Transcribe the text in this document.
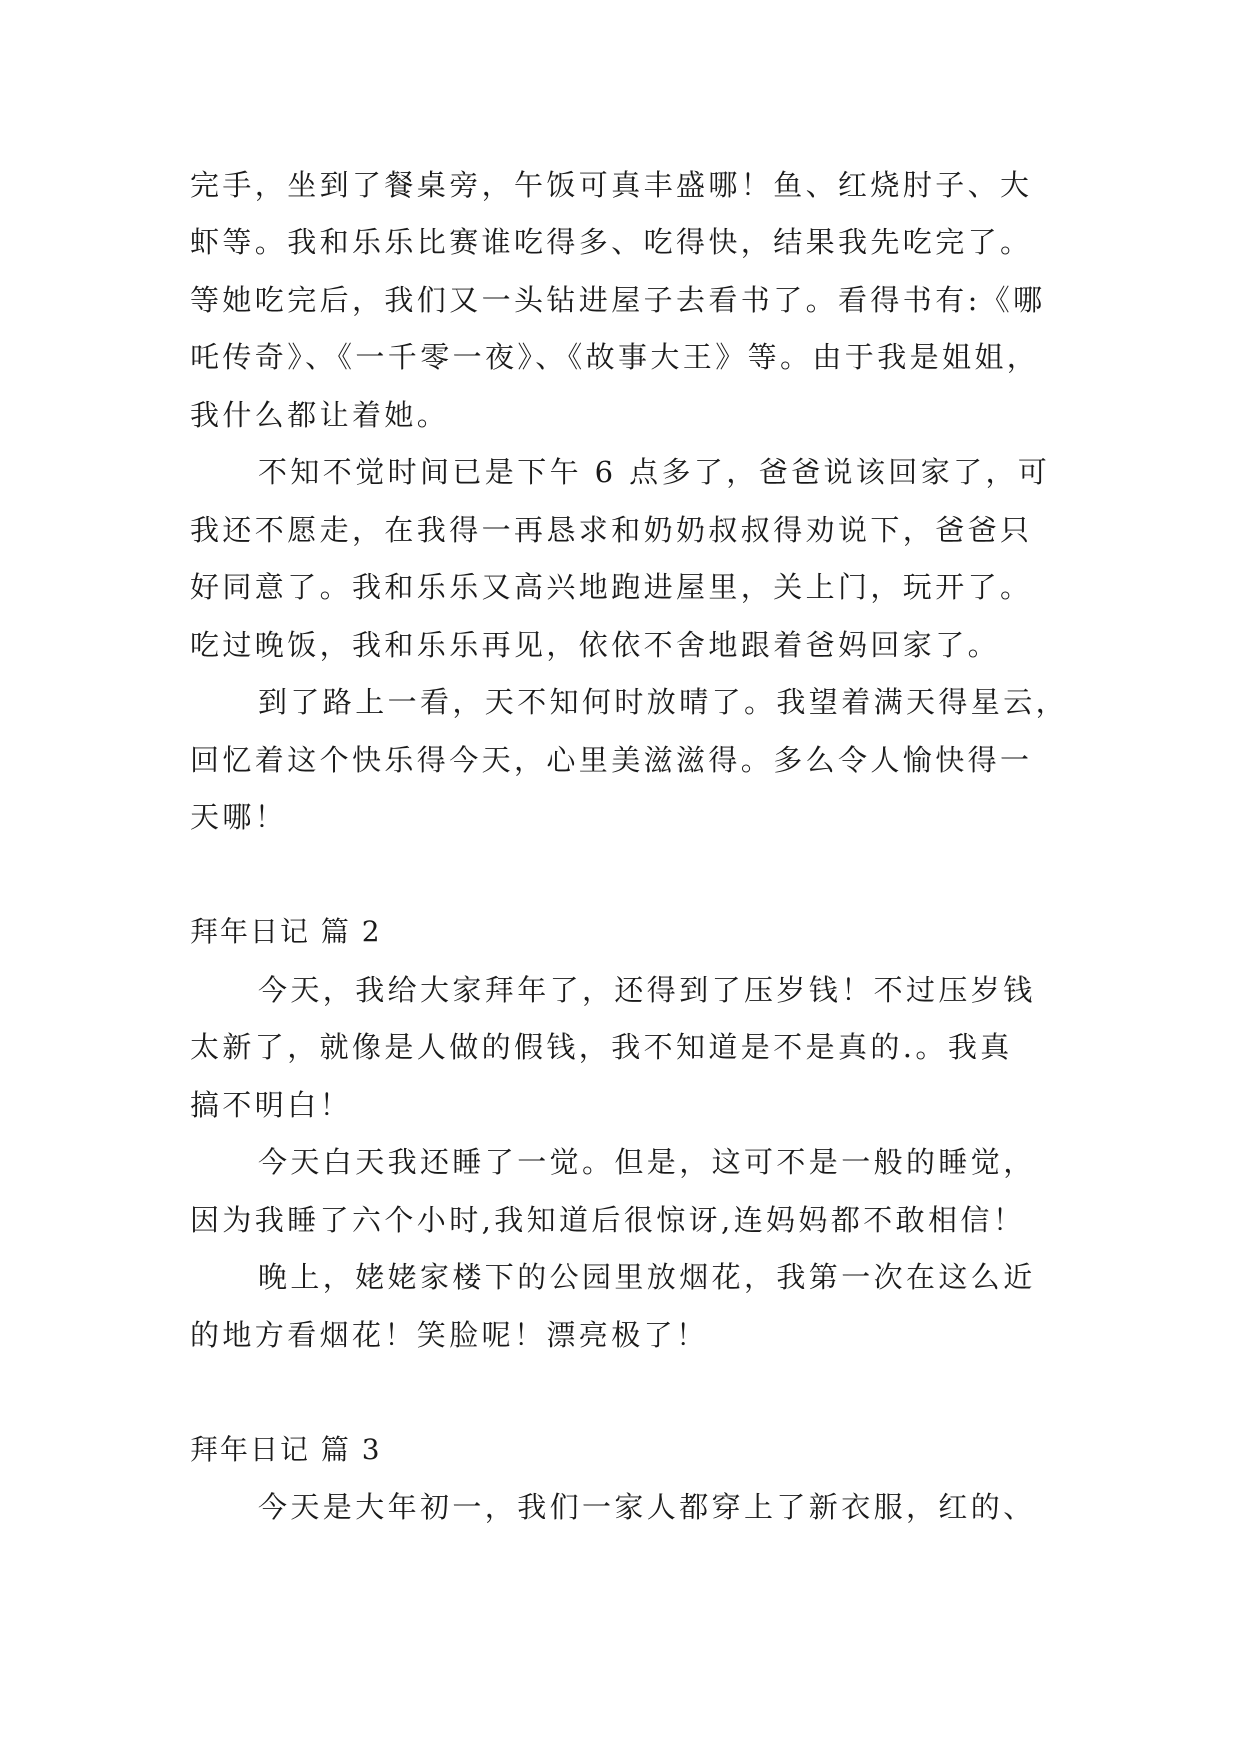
完手，坐到了餐桌旁，午饭可真丰盛哪！鱼、红烧肘子、大
虾等。我和乐乐比赛谁吃得多、吃得快，结果我先吃完了。
等她吃完后，我们又一头钻进屋子去看书了。看得书有:《哪
吒传奇》、《一千零一夜》、《故事大王》等。由于我是姐姐，
我什么都让着她。
不知不觉时间已是下午 6 点多了，爸爸说该回家了，可
我还不愿走，在我得一再恳求和奶奶叔叔得劝说下，爸爸只
好同意了。我和乐乐又高兴地跑进屋里，关上门，玩开了。
吃过晚饭，我和乐乐再见，依依不舍地跟着爸妈回家了。
到了路上一看，天不知何时放晴了。我望着满天得星云，
回忆着这个快乐得今天，心里美滋滋得。多么令人愉快得一
天哪！
拜年日记 篇 2
今天，我给大家拜年了，还得到了压岁钱！不过压岁钱
太新了，就像是人做的假钱，我不知道是不是真的.。我真
搞不明白！
今天白天我还睡了一觉。但是，这可不是一般的睡觉，
因为我睡了六个小时,我知道后很惊讶,连妈妈都不敢相信！
晚上，姥姥家楼下的公园里放烟花，我第一次在这么近
的地方看烟花！笑脸呢！漂亮极了！
拜年日记 篇 3
今天是大年初一，我们一家人都穿上了新衣服，红的、
